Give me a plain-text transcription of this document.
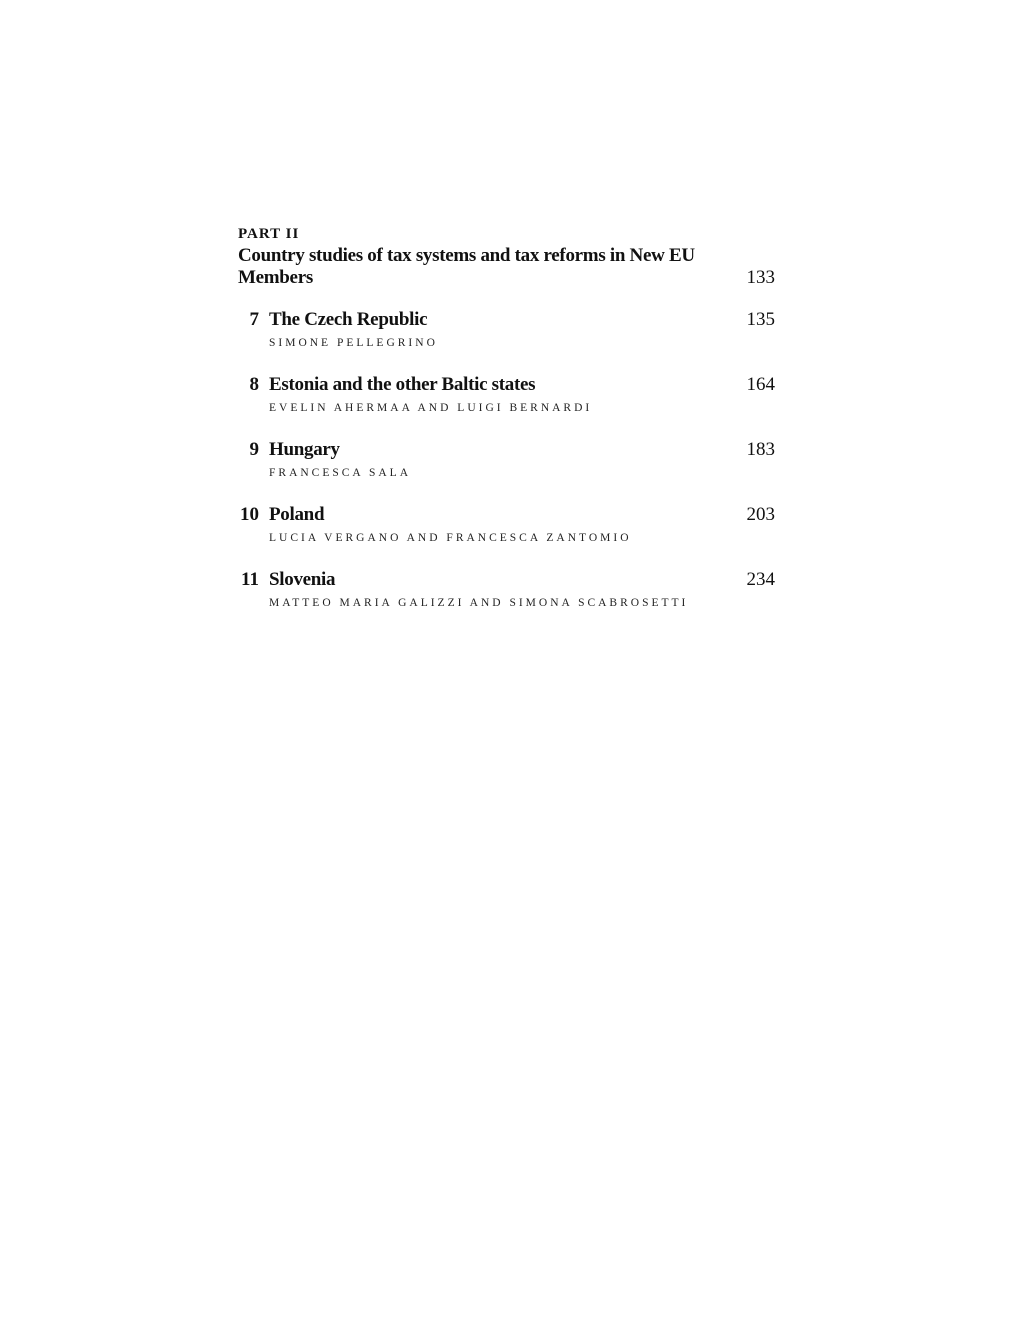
PART II
Country studies of tax systems and tax reforms in New EU Members	133
7 The Czech Republic	135
SIMONE PELLEGRINO
8 Estonia and the other Baltic states	164
EVELIN AHERMAA AND LUIGI BERNARDI
9 Hungary	183
FRANCESCA SALA
10 Poland	203
LUCIA VERGANO AND FRANCESCA ZANTOMIO
11 Slovenia	234
MATTEO MARIA GALIZZI AND SIMONA SCABROSETTI
